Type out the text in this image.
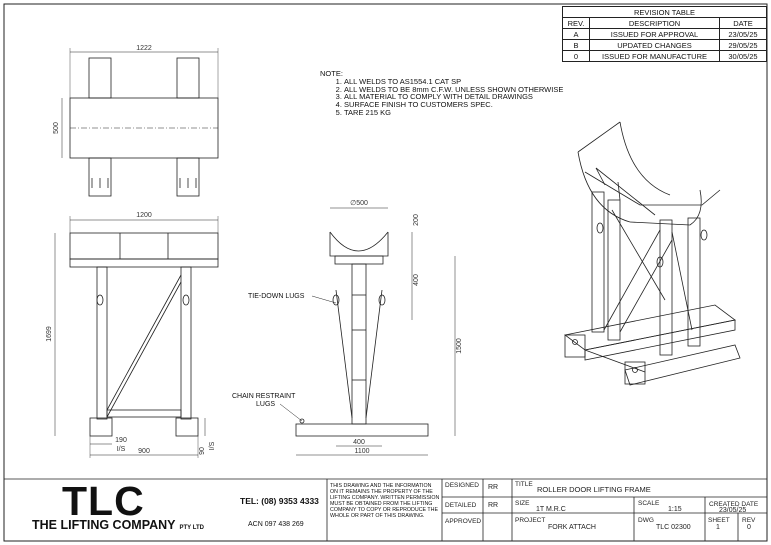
1222
500
1200
1699
190
I/S 900	90
I/S
∅500
200
400
1500
400
1100
TIE-DOWN LUGS
CHAIN RESTRAINT
LUGS
DESIGNED RR
DETAILED RR
APPROVED
TITLE
ROLLER DOOR LIFTING FRAME
SIZE
1T M.R.C
SCALE
1:15
CREATED DATE
23/05/25
PROJECT
FORK ATTACH
DWG
TLC 02300
SHEET
1
REV
0
REVISION TABLE		
REV.	DESCRIPTION	DATE
A	ISSUED FOR APPROVAL	23/05/25
B	UPDATED CHANGES	29/05/25
0	ISSUED FOR MANUFACTURE	30/05/25
NOTE:
1. ALL WELDS TO AS1554.1 CAT SP
2. ALL WELDS TO BE 8mm C.F.W. UNLESS SHOWN OTHERWISE
3. ALL MATERIAL TO COMPLY WITH DETAIL DRAWINGS
4. SURFACE FINISH TO CUSTOMERS SPEC.
5. TARE 215 KG
TLC
THE LIFTING COMPANY PTY LTD
TEL: (08) 9353 4333
ACN 097 438 269
THIS DRAWING AND THE INFORMATION ON IT REMAINS THE PROPERTY OF THE LIFTING COMPANY. WRITTEN PERMISSION MUST BE OBTAINED FROM THE LIFTING COMPANY TO COPY OR REPRODUCE THE WHOLE OR PART OF THIS DRAWING.
